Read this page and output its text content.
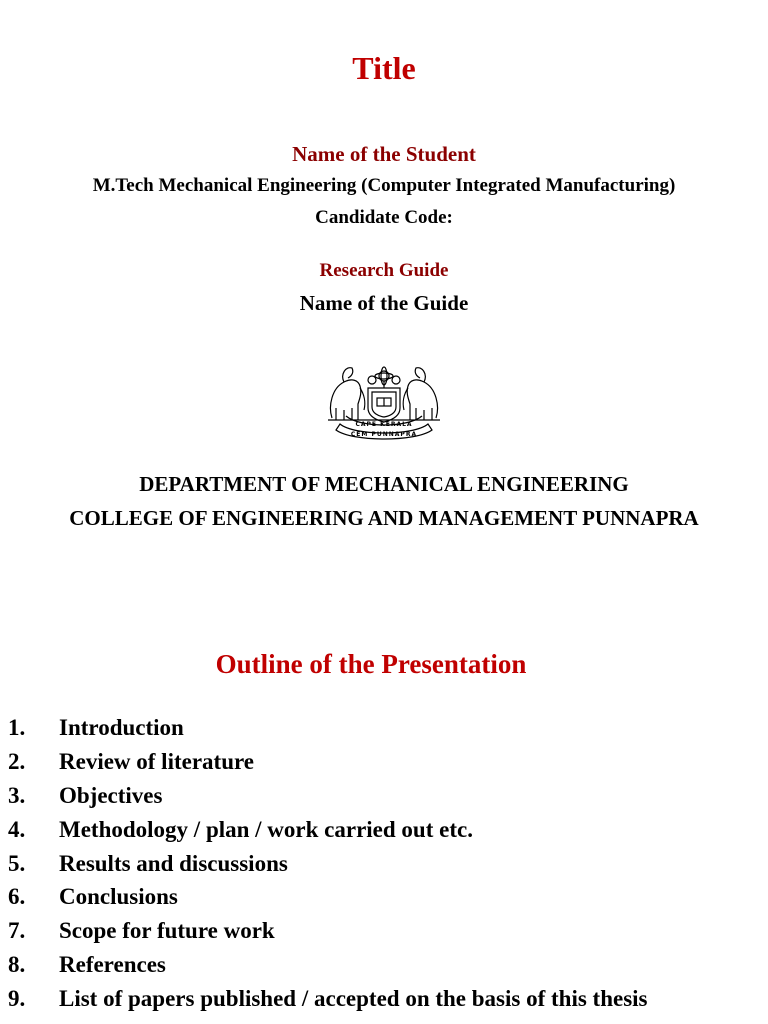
Title
Name of the Student
M.Tech Mechanical Engineering (Computer Integrated Manufacturing)
Candidate Code:
Research Guide
Name of the Guide
CAPE KERALA
CEM PUNNAPRA
DEPARTMENT OF MECHANICAL ENGINEERING
COLLEGE OF ENGINEERING AND MANAGEMENT PUNNAPRA
Outline of the Presentation
1.	Introduction
2.	Review of literature
3.	Objectives
4.	Methodology / plan / work carried out etc.
5.	Results and discussions
6.	Conclusions
7.	Scope for future work
8.	References
9.	List of papers published / accepted on the basis of this thesis
